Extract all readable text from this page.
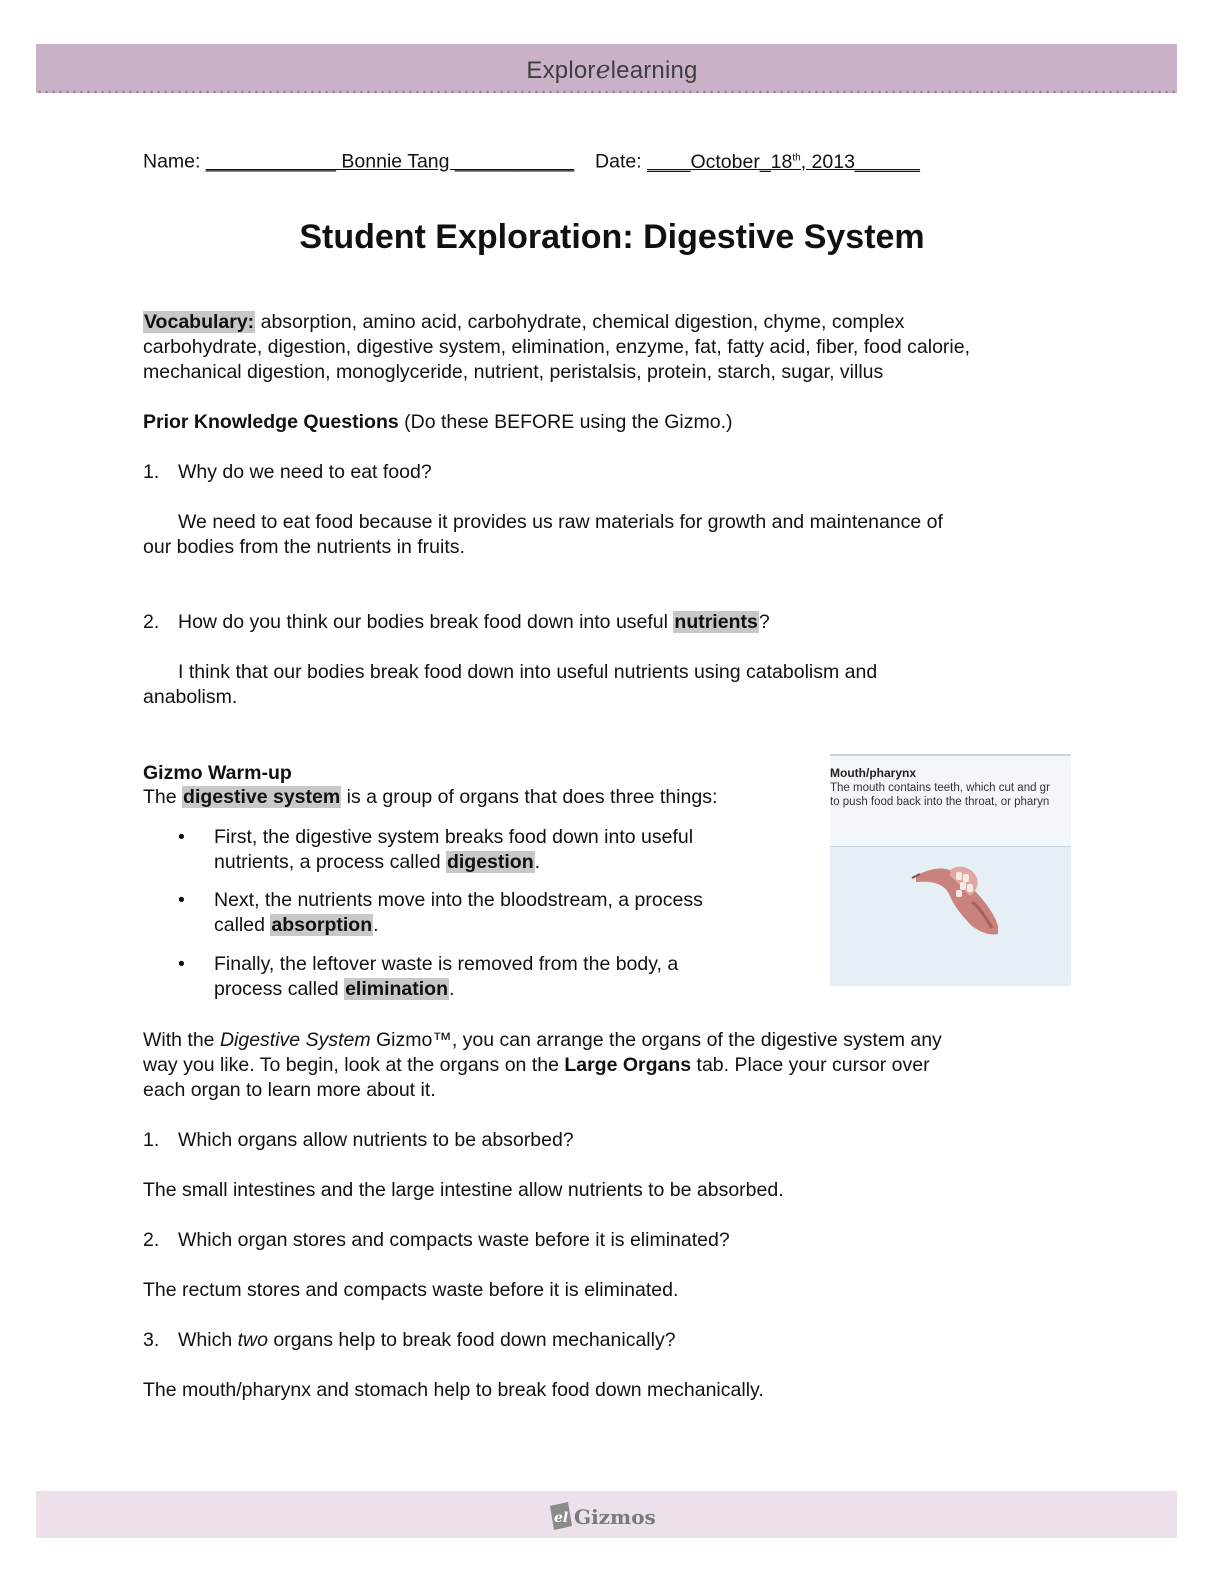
Explorelearning
Name: ____________ Bonnie Tang ___________ Date: ____October_18th, 2013______
Student Exploration: Digestive System
Vocabulary: absorption, amino acid, carbohydrate, chemical digestion, chyme, complex
carbohydrate, digestion, digestive system, elimination, enzyme, fat, fatty acid, fiber, food calorie,
mechanical digestion, monoglyceride, nutrient, peristalsis, protein, starch, sugar, villus
Prior Knowledge Questions (Do these BEFORE using the Gizmo.)
1. Why do we need to eat food?
We need to eat food because it provides us raw materials for growth and maintenance of
our bodies from the nutrients in fruits.
2. How do you think our bodies break food down into useful nutrients?
I think that our bodies break food down into useful nutrients using catabolism and
anabolism.
Gizmo Warm-up
The digestive system is a group of organs that does three things:
• First, the digestive system breaks food down into useful
nutrients, a process called digestion.
• Next, the nutrients move into the bloodstream, a process
called absorption.
• Finally, the leftover waste is removed from the body, a
process called elimination.
Mouth/pharynx
The mouth contains teeth, which cut and gr
to push food back into the throat, or pharyn
With the Digestive System Gizmo™, you can arrange the organs of the digestive system any
way you like. To begin, look at the organs on the Large Organs tab. Place your cursor over
each organ to learn more about it.
1. Which organs allow nutrients to be absorbed?
The small intestines and the large intestine allow nutrients to be absorbed.
2. Which organ stores and compacts waste before it is eliminated?
The rectum stores and compacts waste before it is eliminated.
3. Which two organs help to break food down mechanically?
The mouth/pharynx and stomach help to break food down mechanically.
el Gizmos
